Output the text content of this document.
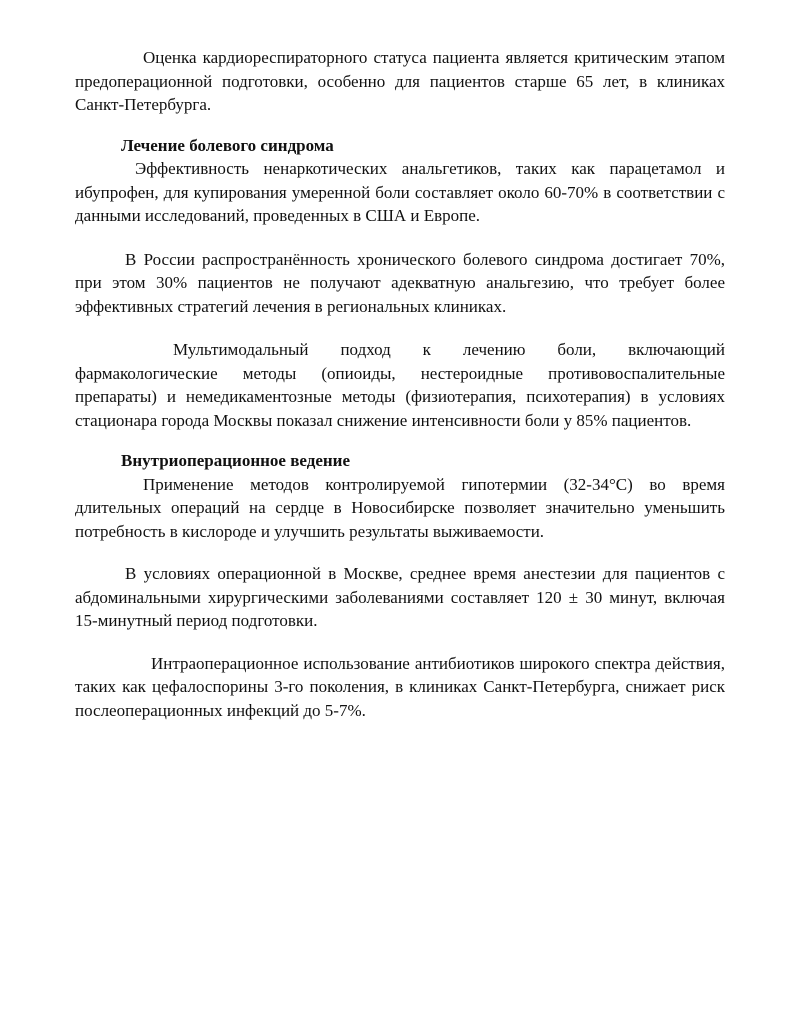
Оценка кардиореспираторного статуса пациента является критическим этапом предоперационной подготовки, особенно для пациентов старше 65 лет, в клиниках Санкт-Петербурга.

Лечение болевого синдрома

Эффективность ненаркотических анальгетиков, таких как парацетамол и ибупрофен, для купирования умеренной боли составляет около 60-70% в соответствии с данными исследований, проведенных в США и Европе.

В России распространённость хронического болевого синдрома достигает 70%, при этом 30% пациентов не получают адекватную анальгезию, что требует более эффективных стратегий лечения в региональных клиниках.

Мультимодальный подход к лечению боли, включающий фармакологические методы (опиоиды, нестероидные противовоспалительные препараты) и немедикаментозные методы (физиотерапия, психотерапия) в условиях стационара города Москвы показал снижение интенсивности боли у 85% пациентов.

Внутриоперационное ведение

Применение методов контролируемой гипотермии (32-34°C) во время длительных операций на сердце в Новосибирске позволяет значительно уменьшить потребность в кислороде и улучшить результаты выживаемости.

В условиях операционной в Москве, среднее время анестезии для пациентов с абдоминальными хирургическими заболеваниями составляет 120 ± 30 минут, включая 15-минутный период подготовки.

Интраоперационное использование антибиотиков широкого спектра действия, таких как цефалоспорины 3-го поколения, в клиниках Санкт-Петербурга, снижает риск послеоперационных инфекций до 5-7%.
